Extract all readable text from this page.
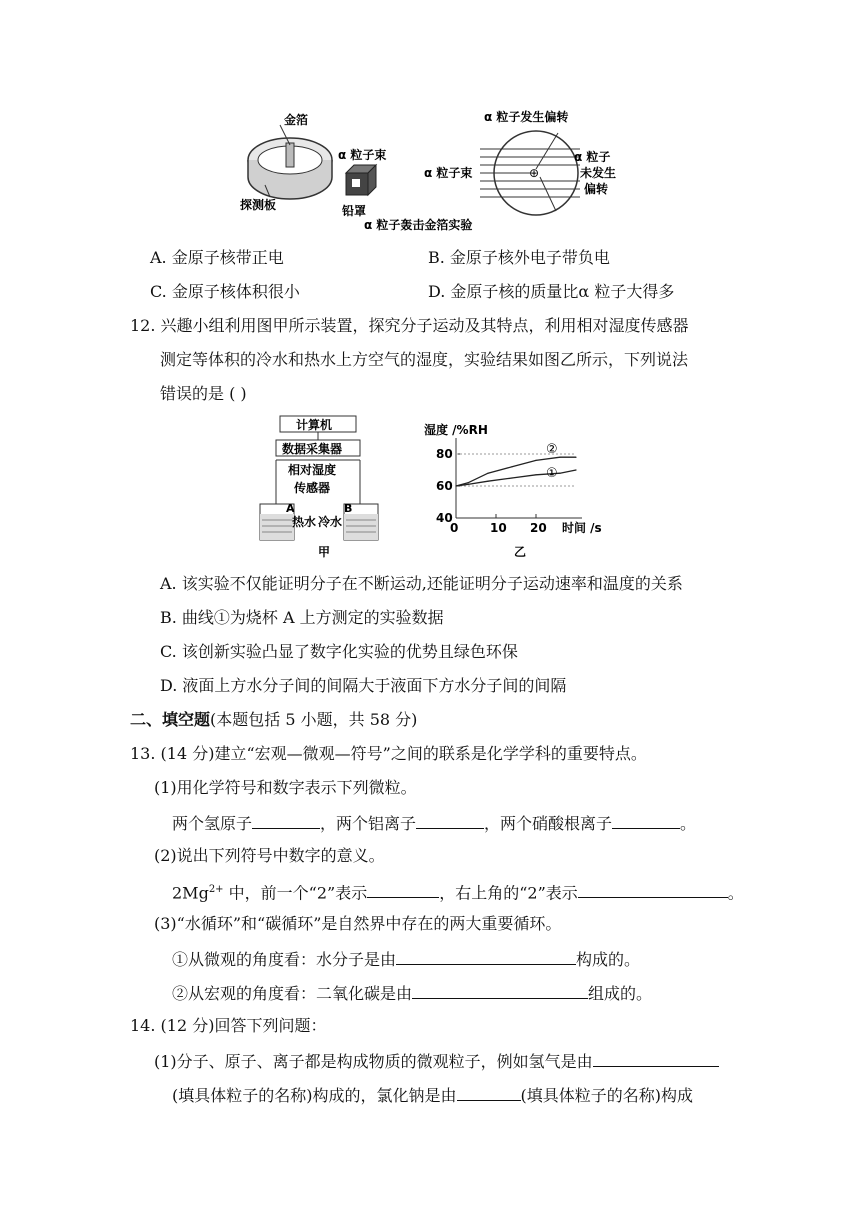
金箔
探测板
α 粒子束
铅罩
α 粒子轰击金箔实验
⊕
α 粒子发生偏转
α 粒子束
α 粒子
未发生
偏转
A. 金原子核带正电	B. 金原子核外电子带负电
C. 金原子核体积很小	D. 金原子核的质量比α 粒子大得多
12. 兴趣小组利用图甲所示装置，探究分子运动及其特点，利用相对湿度传感器
测定等体积的冷水和热水上方空气的湿度，实验结果如图乙所示，下列说法
错误的是 ( )
计算机
数据采集器
相对湿度
传感器
A	B
热水 冷水
甲
湿度 /%RH
时间 /s
乙
40
60
80
0	10 20
②
①
A. 该实验不仅能证明分子在不断运动,还能证明分子运动速率和温度的关系
B. 曲线①为烧杯 A 上方测定的实验数据
C. 该创新实验凸显了数字化实验的优势且绿色环保
D. 液面上方水分子间的间隔大于液面下方水分子间的间隔
二、填空题(本题包括 5 小题，共 58 分)
13. (14 分)建立“宏观—微观—符号”之间的联系是化学学科的重要特点。
(1)用化学符号和数字表示下列微粒。
两个氢原子	，两个铝离子	，两个硝酸根离子	。
(2)说出下列符号中数字的意义。
$2Mg^{2+}$ 中，前一个“2”表示	，右上角的“2”表示	。
(3)“水循环”和“碳循环”是自然界中存在的两大重要循环。
①从微观的角度看：水分子是由	构成的。
②从宏观的角度看：二氧化碳是由	组成的。
14. (12 分)回答下列问题：
(1)分子、原子、离子都是构成物质的微观粒子，例如氢气是由
(填具体粒子的名称)构成的，氯化钠是由	(填具体粒子的名称)构成
